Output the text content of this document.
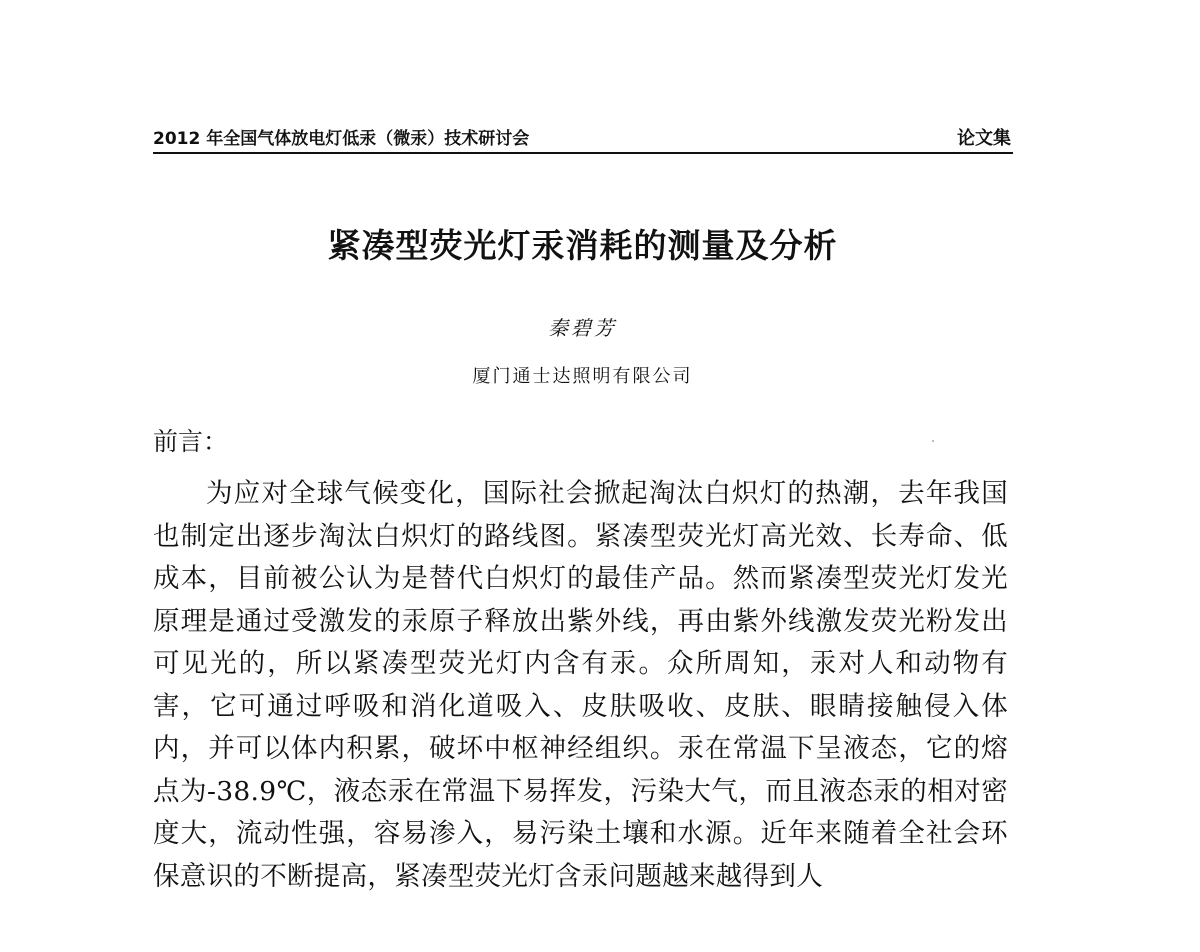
2012 年全国气体放电灯低汞（微汞）技术研讨会	论文集
紧凑型荧光灯汞消耗的测量及分析
秦碧芳
厦门通士达照明有限公司
前言：

为应对全球气候变化，国际社会掀起淘汰白炽灯的热潮，去年我国也制定出逐步淘汰白炽灯的路线图。紧凑型荧光灯高光效、长寿命、低成本，目前被公认为是替代白炽灯的最佳产品。然而紧凑型荧光灯发光原理是通过受激发的汞原子释放出紫外线，再由紫外线激发荧光粉发出可见光的，所以紧凑型荧光灯内含有汞。众所周知，汞对人和动物有害，它可通过呼吸和消化道吸入、皮肤吸收、皮肤、眼睛接触侵入体内，并可以体内积累，破坏中枢神经组织。汞在常温下呈液态，它的熔点为-38.9℃，液态汞在常温下易挥发，污染大气，而且液态汞的相对密度大，流动性强，容易渗入，易污染土壤和水源。近年来随着全社会环保意识的不断提高，紧凑型荧光灯含汞问题越来越得到人
